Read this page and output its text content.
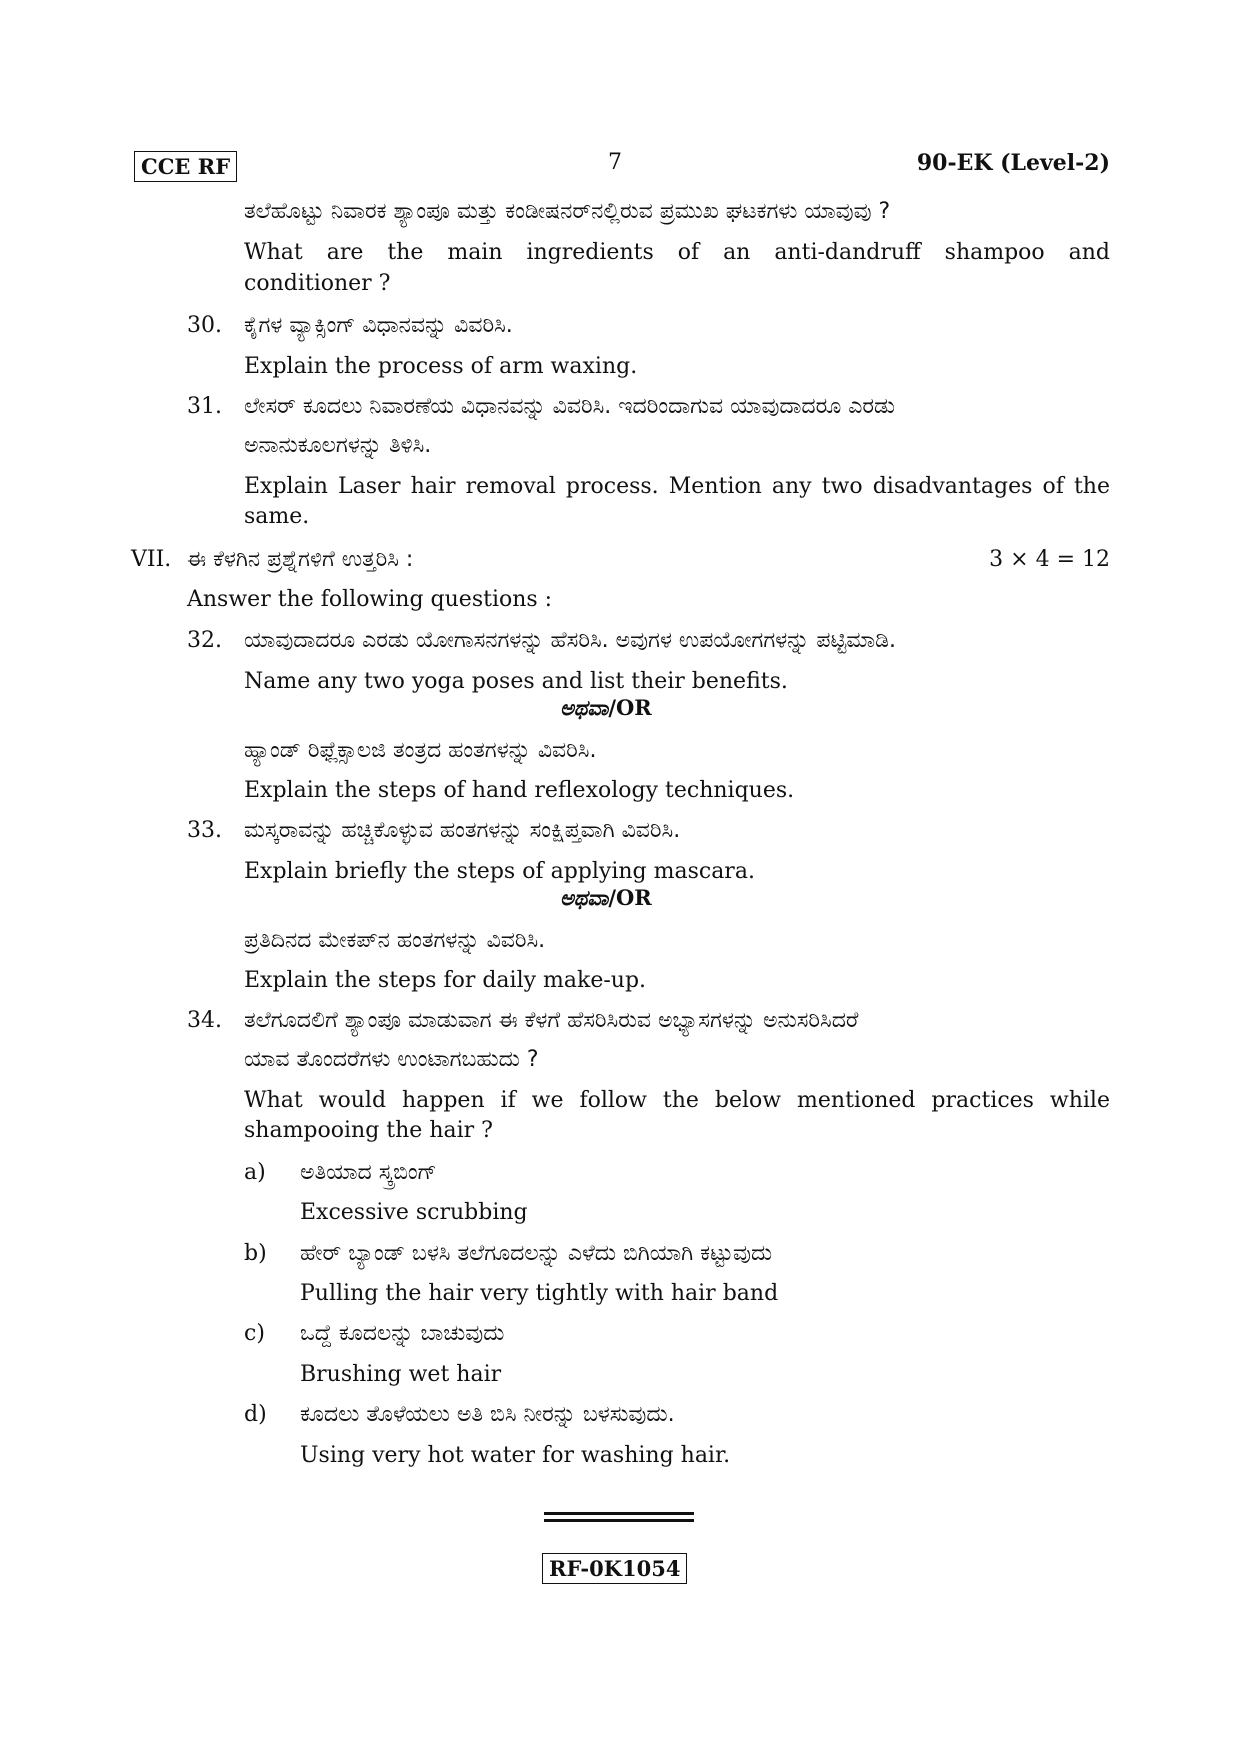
CCE RF	7	90-EK (Level-2)
ತಲೆಹೊಟ್ಟು ನಿವಾರಕ ಶ್ಯಾಂಪೂ ಮತ್ತು ಕಂಡೀಷನರ್‌ನಲ್ಲಿರುವ ಪ್ರಮುಖ ಘಟಕಗಳು ಯಾವುವು ?
What are the main ingredients of an anti-dandruff shampoo and
conditioner ?
30. ಕೈಗಳ ವ್ಯಾಕ್ಸಿಂಗ್ ವಿಧಾನವನ್ನು ವಿವರಿಸಿ.
Explain the process of arm waxing.
31. ಲೇಸರ್ ಕೂದಲು ನಿವಾರಣೆಯ ವಿಧಾನವನ್ನು ವಿವರಿಸಿ. ಇದರಿಂದಾಗುವ ಯಾವುದಾದರೂ ಎರಡು
ಅನಾನುಕೂಲಗಳನ್ನು ತಿಳಿಸಿ.
Explain Laser hair removal process. Mention any two disadvantages of the
same.
VII. ಈ ಕೆಳಗಿನ ಪ್ರಶ್ನೆಗಳಿಗೆ ಉತ್ತರಿಸಿ :	3 × 4 = 12
Answer the following questions :
32. ಯಾವುದಾದರೂ ಎರಡು ಯೋಗಾಸನಗಳನ್ನು ಹೆಸರಿಸಿ. ಅವುಗಳ ಉಪಯೋಗಗಳನ್ನು ಪಟ್ಟಿಮಾಡಿ.
Name any two yoga poses and list their benefits.
ಅಥವಾ/OR
ಹ್ಯಾಂಡ್ ರಿಫ್ಲೆಕ್ಸಾಲಜಿ ತಂತ್ರದ ಹಂತಗಳನ್ನು ವಿವರಿಸಿ.
Explain the steps of hand reflexology techniques.
33. ಮಸ್ಕರಾವನ್ನು ಹಚ್ಚಿಕೊಳ್ಳುವ ಹಂತಗಳನ್ನು ಸಂಕ್ಷಿಪ್ತವಾಗಿ ವಿವರಿಸಿ.
Explain briefly the steps of applying mascara.
ಅಥವಾ/OR
ಪ್ರತಿದಿನದ ಮೇಕಪ್‌ನ ಹಂತಗಳನ್ನು ವಿವರಿಸಿ.
Explain the steps for daily make-up.
34. ತಲೆಗೂದಲಿಗೆ ಶ್ಯಾಂಪೂ ಮಾಡುವಾಗ ಈ ಕೆಳಗೆ ಹೆಸರಿಸಿರುವ ಅಭ್ಯಾಸಗಳನ್ನು ಅನುಸರಿಸಿದರೆ
ಯಾವ ತೊಂದರೆಗಳು ಉಂಟಾಗಬಹುದು ?
What would happen if we follow the below mentioned practices while
shampooing the hair ?
a) ಅತಿಯಾದ ಸ್ಕ್ರಬಿಂಗ್
Excessive scrubbing
b) ಹೇರ್ ಬ್ಯಾಂಡ್ ಬಳಸಿ ತಲೆಗೂದಲನ್ನು ಎಳೆದು ಬಿಗಿಯಾಗಿ ಕಟ್ಟುವುದು
Pulling the hair very tightly with hair band
c) ಒದ್ದೆ ಕೂದಲನ್ನು ಬಾಚುವುದು
Brushing wet hair
d) ಕೂದಲು ತೊಳೆಯಲು ಅತಿ ಬಿಸಿ ನೀರನ್ನು ಬಳಸುವುದು.
Using very hot water for washing hair.
RF-0K1054
